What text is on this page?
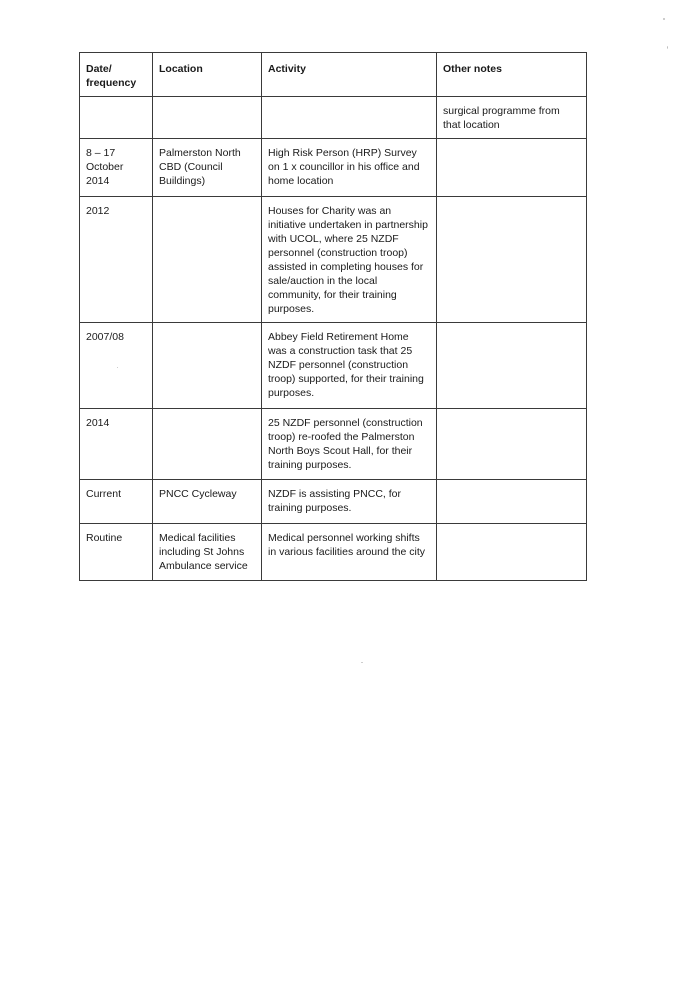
Date/
frequency	Location	Activity	Other notes

			surgical programme from that location

8 – 17 October 2014	Palmerston North CBD (Council Buildings)	High Risk Person (HRP) Survey on 1 x councillor in his office and home location	

2012		Houses for Charity was an initiative undertaken in partnership with UCOL, where 25 NZDF personnel (construction troop) assisted in completing houses for sale/auction in the local community, for their training purposes.	

2007/08		Abbey Field Retirement Home was a construction task that 25 NZDF personnel (construction troop) supported, for their training purposes.	

2014		25 NZDF personnel (construction troop) re-roofed the Palmerston North Boys Scout Hall, for their training purposes.	

Current	PNCC Cycleway	NZDF is assisting PNCC, for training purposes.	

Routine	Medical facilities including St Johns Ambulance service	Medical personnel working shifts in various facilities around the city	
